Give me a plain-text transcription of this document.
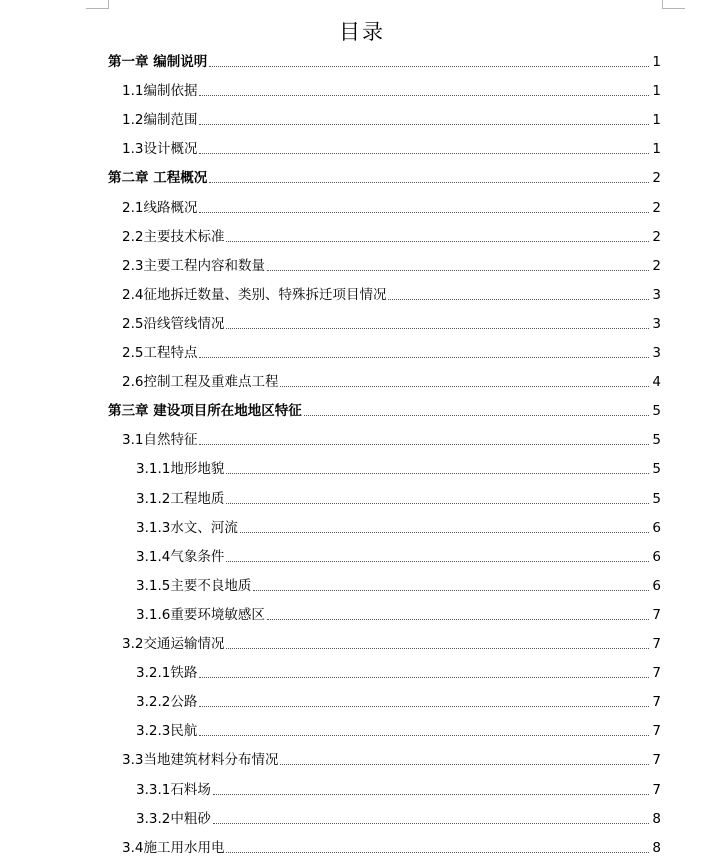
目录
第一章 编制说明	1
1.1编制依据	1
1.2编制范围	1
1.3设计概况	1
第二章 工程概况	2
2.1线路概况	2
2.2主要技术标准	2
2.3主要工程内容和数量	2
2.4征地拆迁数量、类别、特殊拆迁项目情况	3
2.5沿线管线情况	3
2.5工程特点	3
2.6控制工程及重难点工程	4
第三章 建设项目所在地地区特征	5
3.1自然特征	5
3.1.1地形地貌	5
3.1.2工程地质	5
3.1.3水文、河流	6
3.1.4气象条件	6
3.1.5主要不良地质	6
3.1.6重要环境敏感区	7
3.2交通运输情况	7
3.2.1铁路	7
3.2.2公路	7
3.2.3民航	7
3.3当地建筑材料分布情况	7
3.3.1石料场	7
3.3.2中粗砂	8
3.4施工用水用电	8
